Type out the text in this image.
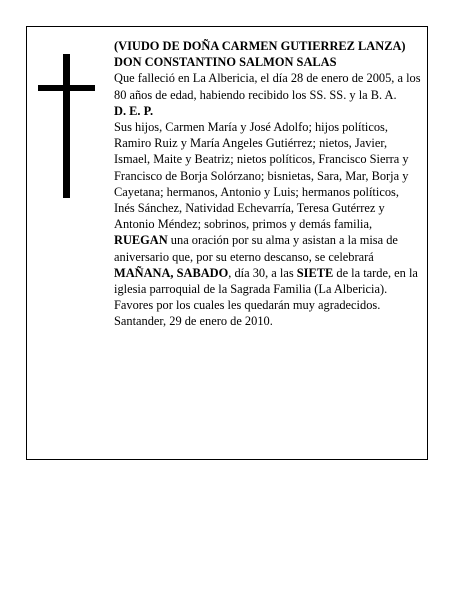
(VIUDO DE DOÑA CARMEN GUTIERREZ LANZA)

DON CONSTANTINO SALMON SALAS

Que falleció en La Albericia, el día 28 de enero de 2005, a los 80 años de edad, habiendo recibido los SS. SS. y la B. A.

D. E. P.

Sus hijos, Carmen María y José Adolfo; hijos políticos, Ramiro Ruiz y María Angeles Gutiérrez; nietos, Javier, Ismael, Maite y Beatriz; nietos políticos, Francisco Sierra y Francisco de Borja Solórzano; bisnietas, Sara, Mar, Borja y Cayetana; hermanos, Antonio y Luis; hermanos políticos, Inés Sánchez, Natividad Echevarría, Teresa Gutérrez y Antonio Méndez; sobrinos, primos y demás familia,

RUEGAN una oración por su alma y asistan a la misa de aniversario que, por su eterno descanso, se celebrará MAÑANA, SABADO, día 30, a las SIETE de la tarde, en la iglesia parroquial de la Sagrada Familia (La Albericia). Favores por los cuales les quedarán muy agradecidos.

Santander, 29 de enero de 2010.
